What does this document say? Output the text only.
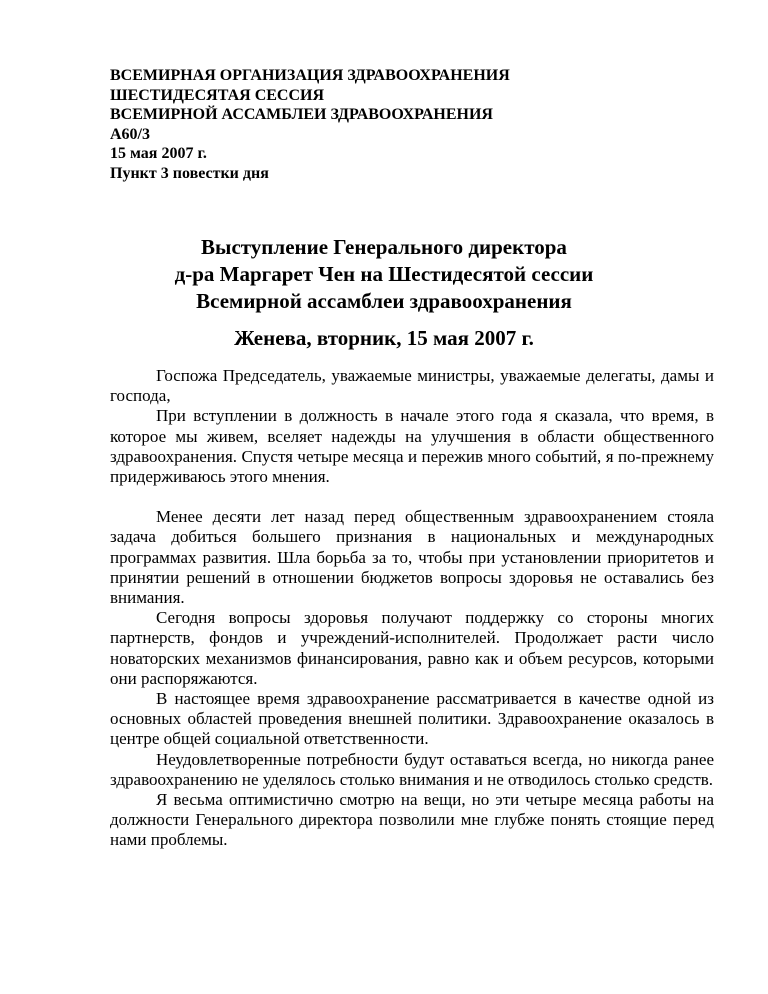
ВСЕМИРНАЯ ОРГАНИЗАЦИЯ ЗДРАВООХРАНЕНИЯ
ШЕСТИДЕСЯТАЯ СЕССИЯ
ВСЕМИРНОЙ АССАМБЛЕИ ЗДРАВООХРАНЕНИЯ
А60/3
15 мая 2007 г.
Пункт 3 повестки дня
Выступление Генерального директора
д-ра Маргарет Чен на Шестидесятой сессии
Всемирной ассамблеи здравоохранения
Женева, вторник, 15 мая 2007 г.

Госпожа Председатель, уважаемые министры, уважаемые делегаты, дамы и господа,

При вступлении в должность в начале этого года я сказала, что время, в которое мы живем, вселяет надежды на улучшения в области общественного здравоохранения. Спустя четыре месяца и пережив много событий, я по-прежнему придерживаюсь этого мнения.

Менее десяти лет назад перед общественным здравоохранением стояла задача добиться большего признания в национальных и международных программах развития. Шла борьба за то, чтобы при установлении приоритетов и принятии решений в отношении бюджетов вопросы здоровья не оставались без внимания.

Сегодня вопросы здоровья получают поддержку со стороны многих партнерств, фондов и учреждений-исполнителей. Продолжает расти число новаторских механизмов финансирования, равно как и объем ресурсов, которыми они распоряжаются.

В настоящее время здравоохранение рассматривается в качестве одной из основных областей проведения внешней политики. Здравоохранение оказалось в центре общей социальной ответственности.

Неудовлетворенные потребности будут оставаться всегда, но никогда ранее здравоохранению не уделялось столько внимания и не отводилось столько средств.

Я весьма оптимистично смотрю на вещи, но эти четыре месяца работы на должности Генерального директора позволили мне глубже понять стоящие перед нами проблемы.
